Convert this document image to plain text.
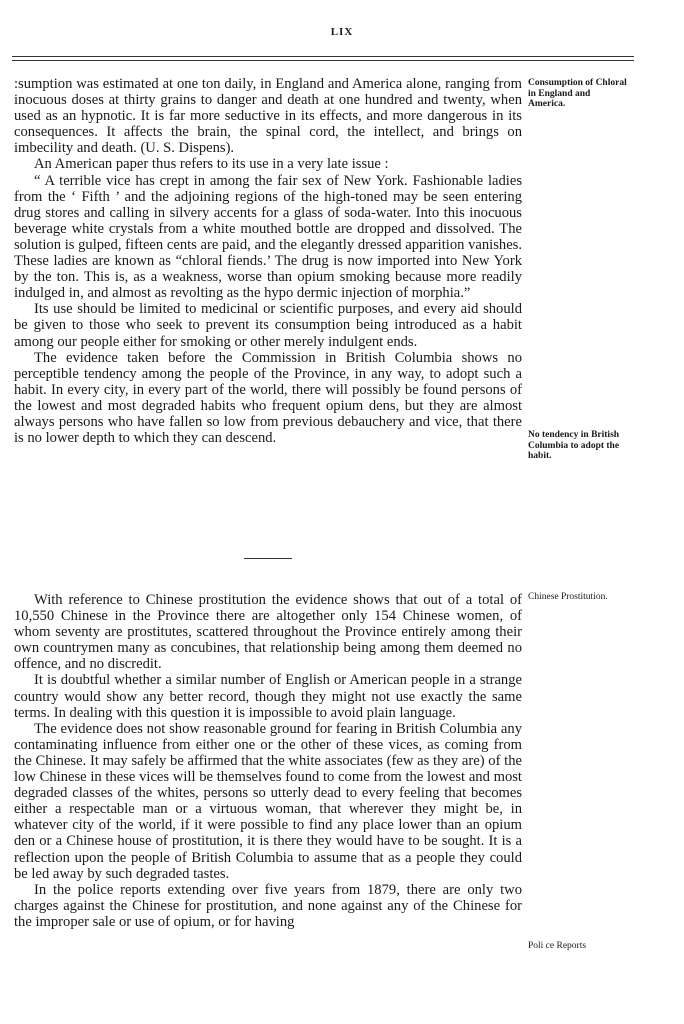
LIX

:sumption was estimated at one ton daily, in England and America alone, ranging from inocuous doses at thirty grains to danger and death at one hundred and twenty, when used as an hypnotic. It is far more seductive in its effects, and more dangerous in its consequences. It affects the brain, the spinal cord, the intellect, and brings on imbecility and death. (U. S. Dispens).

An American paper thus refers to its use in a very late issue :

“ A terrible vice has crept in among the fair sex of New York. Fashionable ladies from the ‘ Fifth ’ and the adjoining regions of the high-toned may be seen entering drug stores and calling in silvery accents for a glass of soda-water. Into this inocuous beverage white crystals from a white mouthed bottle are dropped and dissolved. The solution is gulped, fifteen cents are paid, and the elegantly dressed apparition vanishes. These ladies are known as “chloral fiends.’ The drug is now imported into New York by the ton. This is, as a weakness, worse than opium smoking because more readily indulged in, and almost as revolting as the hypo dermic injection of morphia.”

Its use should be limited to medicinal or scientific purposes, and every aid should be given to those who seek to prevent its consumption being introduced as a habit among our people either for smoking or other merely indulgent ends.

The evidence taken before the Commission in British Columbia shows no perceptible tendency among the people of the Province, in any way, to adopt such a habit. In every city, in every part of the world, there will possibly be found persons of the lowest and most degraded habits who frequent opium dens, but they are almost always persons who have fallen so low from previous debauchery and vice, that there is no lower depth to which they can descend.

Consumption of Chloral in England and America.
No tendency in British Columbia to adopt the habit.

With reference to Chinese prostitution the evidence shows that out of a total of 10,550 Chinese in the Province there are altogether only 154 Chinese women, of whom seventy are prostitutes, scattered throughout the Province entirely among their own countrymen many as concubines, that relationship being among them deemed no offence, and no discredit.

It is doubtful whether a similar number of English or American people in a strange country would show any better record, though they might not use exactly the same terms. In dealing with this question it is impossible to avoid plain language.

The evidence does not show reasonable ground for fearing in British Columbia any contaminating influence from either one or the other of these vices, as coming from the Chinese. It may safely be affirmed that the white associates (few as they are) of the low Chinese in these vices will be themselves found to come from the lowest and most degraded classes of the whites, persons so utterly dead to every feeling that becomes either a respectable man or a virtuous woman, that wherever they might be, in whatever city of the world, if it were possible to find any place lower than an opium den or a Chinese house of prostitution, it is there they would have to be sought. It is a reflection upon the people of British Columbia to assume that as a people they could be led away by such degraded tastes.

In the police reports extending over five years from 1879, there are only two charges against the Chinese for prostitution, and none against any of the Chinese for the improper sale or use of opium, or for having

Chinese Prostitution.
Poli ce Reports
